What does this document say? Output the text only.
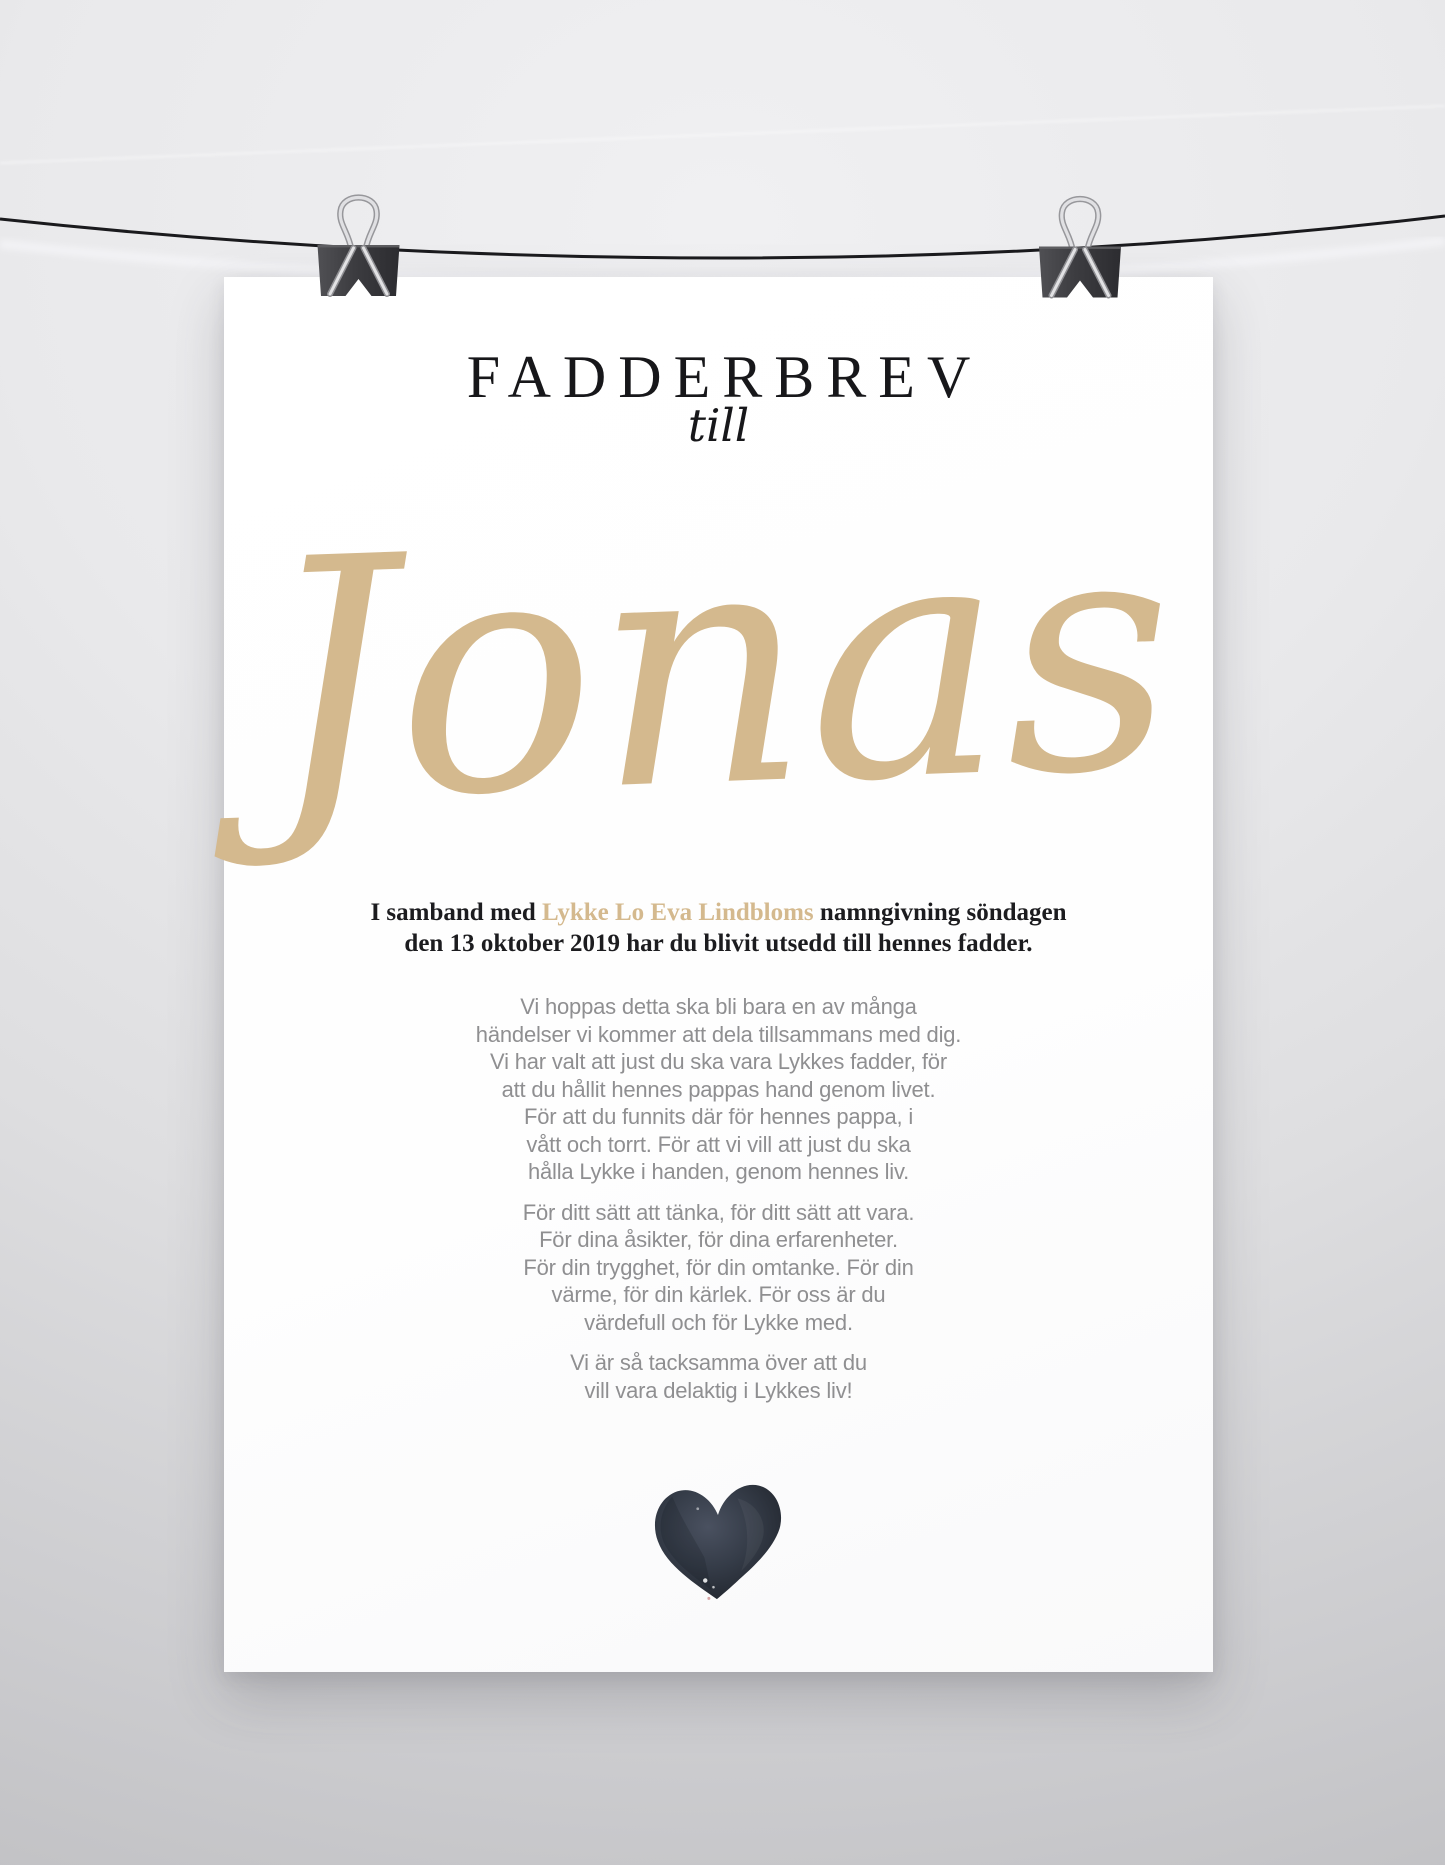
FADDERBREV
till
Jonas
I samband med Lykke Lo Eva Lindbloms namngivning söndagen
den 13 oktober 2019 har du blivit utsedd till hennes fadder.
Vi hoppas detta ska bli bara en av många
händelser vi kommer att dela tillsammans med dig.
Vi har valt att just du ska vara Lykkes fadder, för
att du hållit hennes pappas hand genom livet.
För att du funnits där för hennes pappa, i
vått och torrt. För att vi vill att just du ska
hålla Lykke i handen, genom hennes liv.
För ditt sätt att tänka, för ditt sätt att vara.
För dina åsikter, för dina erfarenheter.
För din trygghet, för din omtanke. För din
värme, för din kärlek. För oss är du
värdefull och för Lykke med.
Vi är så tacksamma över att du
vill vara delaktig i Lykkes liv!
